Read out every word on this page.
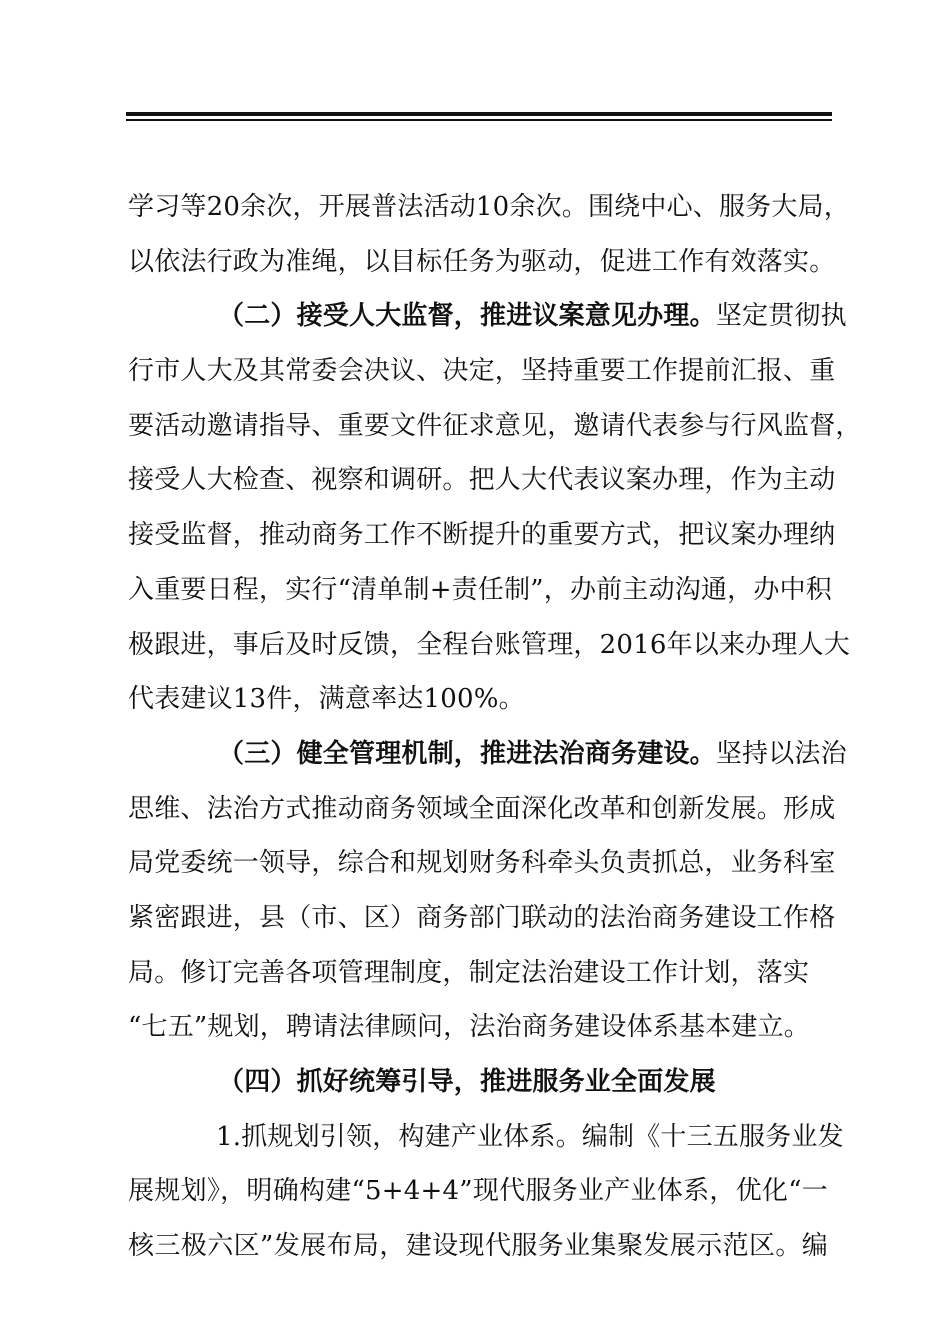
学习等20余次，开展普法活动10余次。围绕中心、服务大局，
以依法行政为准绳，以目标任务为驱动，促进工作有效落实。
（二）接受人大监督，推进议案意见办理。坚定贯彻执
行市人大及其常委会决议、决定，坚持重要工作提前汇报、重
要活动邀请指导、重要文件征求意见，邀请代表参与行风监督，
接受人大检查、视察和调研。把人大代表议案办理，作为主动
接受监督，推动商务工作不断提升的重要方式，把议案办理纳
入重要日程，实行“清单制+责任制”，办前主动沟通，办中积
极跟进，事后及时反馈，全程台账管理，2016年以来办理人大
代表建议13件，满意率达100%。
（三）健全管理机制，推进法治商务建设。坚持以法治
思维、法治方式推动商务领域全面深化改革和创新发展。形成
局党委统一领导，综合和规划财务科牵头负责抓总，业务科室
紧密跟进，县（市、区）商务部门联动的法治商务建设工作格
局。修订完善各项管理制度，制定法治建设工作计划，落实
“七五”规划，聘请法律顾问，法治商务建设体系基本建立。
（四）抓好统筹引导，推进服务业全面发展
1.抓规划引领，构建产业体系。编制《十三五服务业发
展规划》，明确构建“5+4+4”现代服务业产业体系，优化“一
核三极六区”发展布局，建设现代服务业集聚发展示范区。编
